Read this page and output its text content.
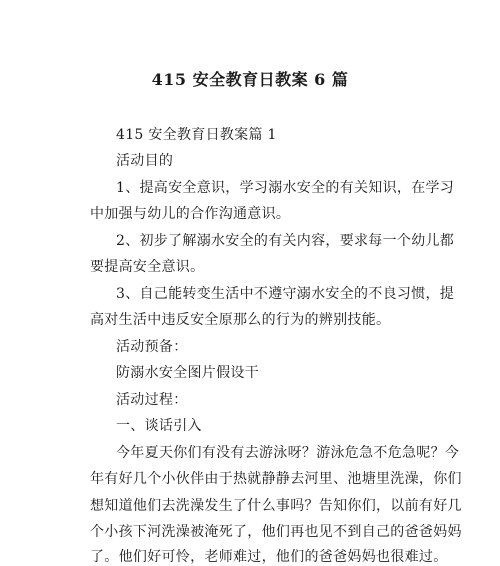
415 安全教育日教案 6 篇
415 安全教育日教案篇 1
活动目的
1、提高安全意识，学习溺水安全的有关知识，在学习
中加强与幼儿的合作沟通意识。
2、初步了解溺水安全的有关内容，要求每一个幼儿都
要提高安全意识。
3、自己能转变生活中不遵守溺水安全的不良习惯，提
高对生活中违反安全原那么的行为的辨别技能。
活动预备：
防溺水安全图片假设干
活动过程：
一、谈话引入
今年夏天你们有没有去游泳呀？游泳危急不危急呢？今
年有好几个小伙伴由于热就静静去河里、池塘里洗澡，你们
想知道他们去洗澡发生了什么事吗？告知你们，以前有好几
个小孩下河洗澡被淹死了，他们再也见不到自己的爸爸妈妈
了。他们好可怜，老师难过，他们的爸爸妈妈也很难过。
